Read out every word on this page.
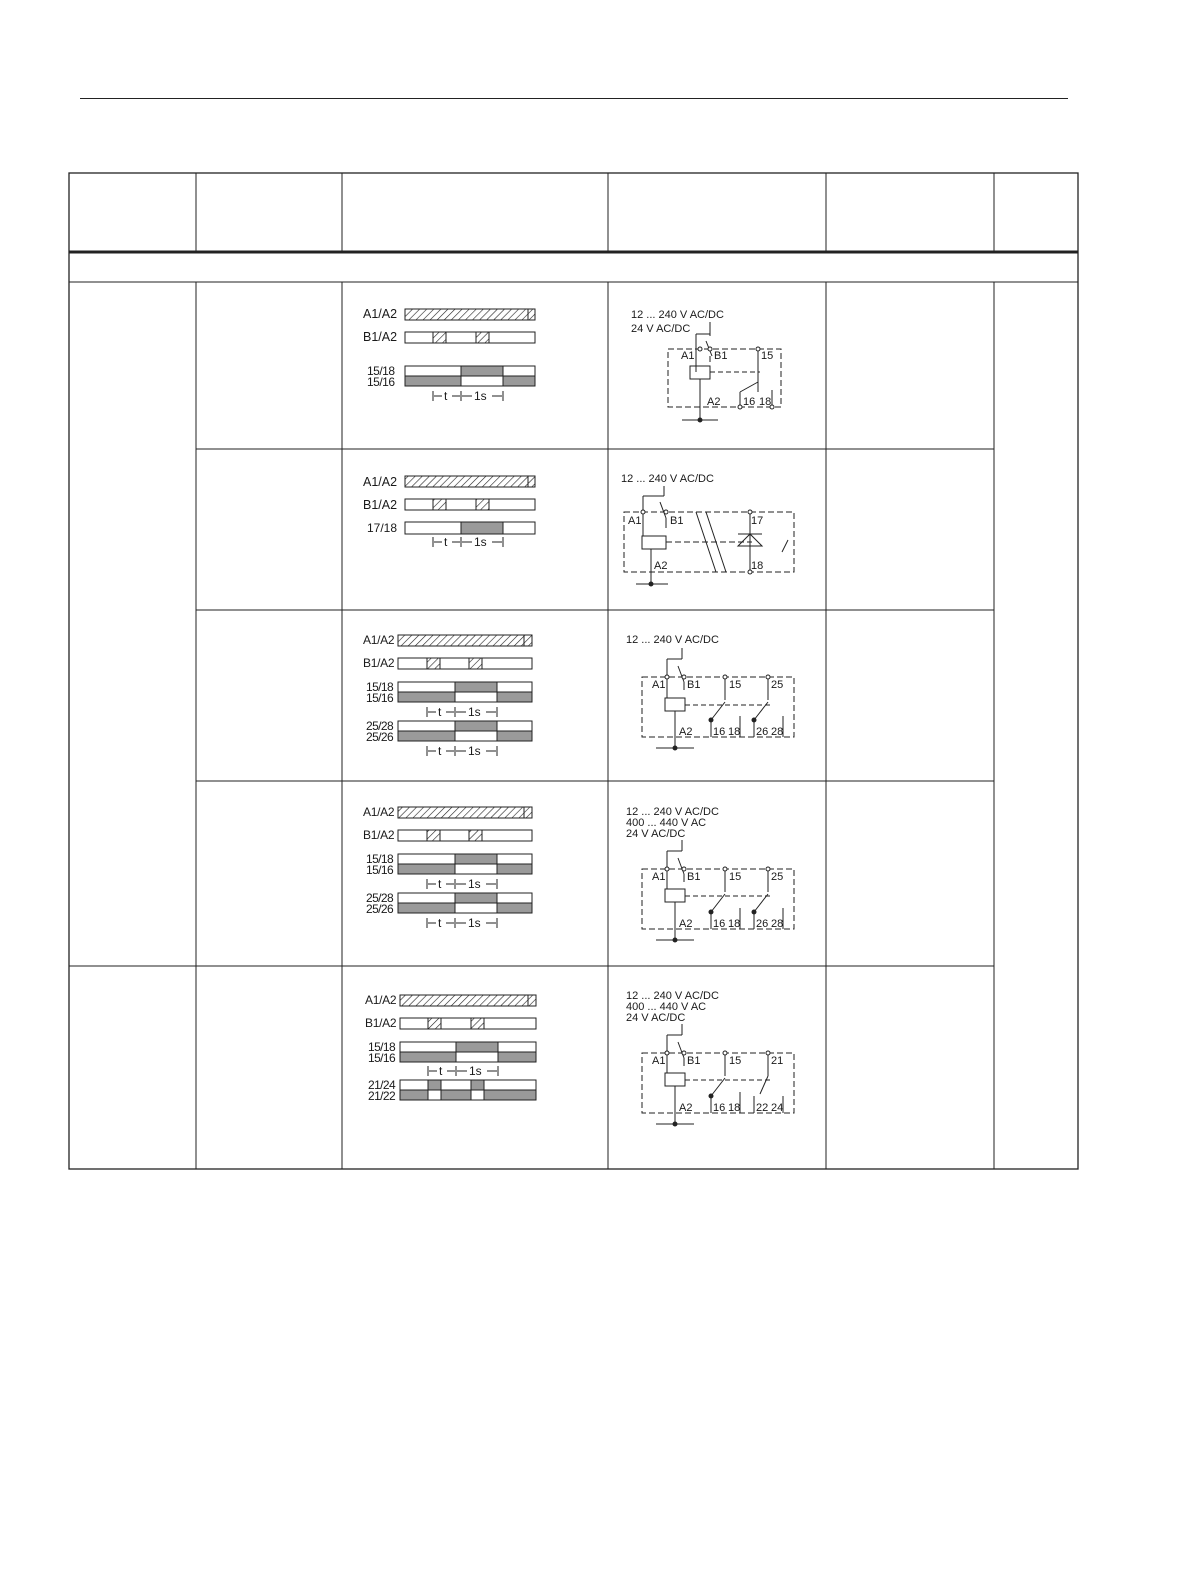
A1/A2
B1/A2
15/18
15/16
t 1s
12 ... 240 V AC/DC
24 V AC/DC
A1 B1	15
A2 16 18
A1/A2
B1/A2
17/18
t 1s
12 ... 240 V AC/DC
A1	B1	17
A2	18
A1/A2
B1/A2
15/18
15/16
t 1s
25/28
25/26
t 1s
12 ... 240 V AC/DC
A1 B1	15	25
A2 16 18 26 28
A1/A2
B1/A2
15/18
15/16
t 1s
25/28
25/26
t 1s
12 ... 240 V AC/DC
400 ... 440 V AC
24 V AC/DC
A1 B1	15	25
A2 16 18 26 28
A1/A2
B1/A2
15/18
15/16
t 1s
21/24
21/22
12 ... 240 V AC/DC
400 ... 440 V AC
24 V AC/DC
A1 B1	15	21
A2 16 18 22 24
